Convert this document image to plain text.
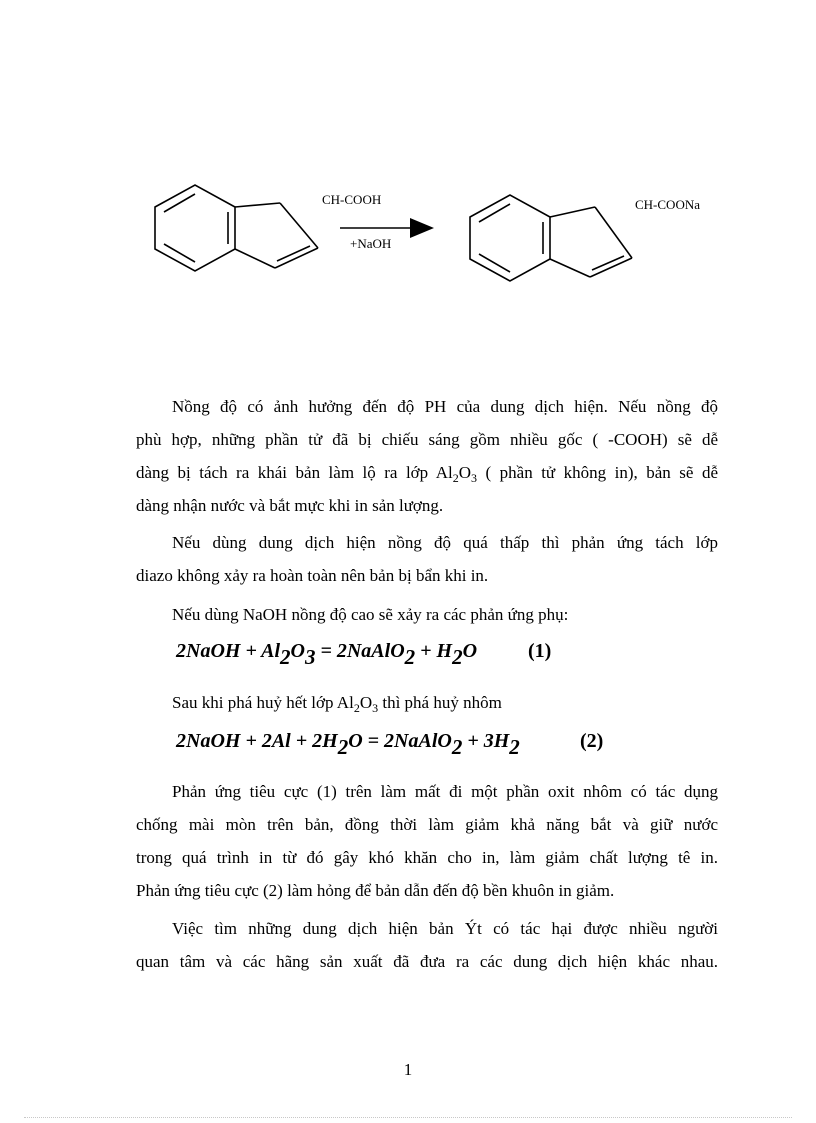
CH-COOH
+NaOH
CH-COONa
Nồng độ có ảnh hưởng đến độ PH của dung dịch hiện. Nếu nồng độ
phù hợp, những phần tử đã bị chiếu sáng gồm nhiều gốc ( -COOH) sẽ dễ
dàng bị tách ra khái bản làm lộ ra lớp $Al_2O_3$ ( phần tử không in), bản sẽ dễ
dàng nhận nước và bắt mực khi in sản lượng.
Nếu dùng dung dịch hiện nồng độ quá thấp thì phản ứng tách lớp
diazo không xảy ra hoàn toàn nên bản bị bẩn khi in.
Nếu dùng NaOH nồng độ cao sẽ xảy ra các phản ứng phụ:
2NaOH + $Al_2O_3$ = 2NaAlO$_2$ + $H_2O$	(1)
Sau khi phá huỷ hết lớp $Al_2O_3$ thì phá huỷ nhôm
2NaOH + $2Al + 2H_2O$ = 2NaAlO$_2$ + $3H_2$	(2)
Phản ứng tiêu cực (1) trên làm mất đi một phần oxit nhôm có tác dụng
chống mài mòn trên bản, đồng thời làm giảm khả năng bắt và giữ nước
trong quá trình in từ đó gây khó khăn cho in, làm giảm chất lượng tê in.
Phản ứng tiêu cực (2) làm hỏng để bản dẫn đến độ bền khuôn in giảm.
Việc tìm những dung dịch hiện bản Ýt có tác hại được nhiều người
quan tâm và các hãng sản xuất đã đưa ra các dung dịch hiện khác nhau.
1
